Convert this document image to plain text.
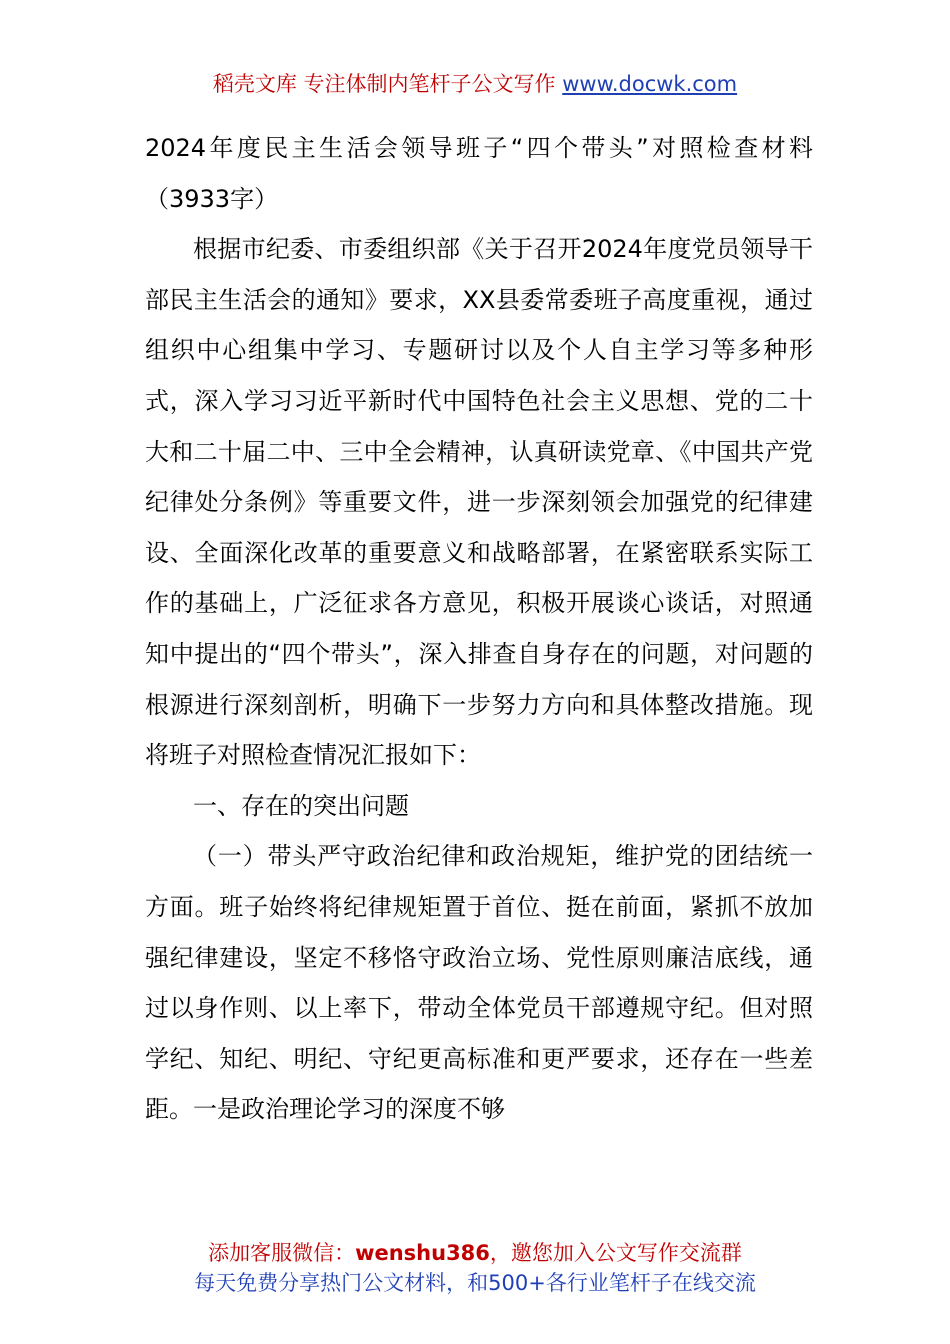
稻壳文库 专注体制内笔杆子公文写作 www.docwk.com

2024年度民主生活会领导班子“四个带头”对照检查材料（3933字）

根据市纪委、市委组织部《关于召开2024年度党员领导干部民主生活会的通知》要求，XX县委常委班子高度重视，通过组织中心组集中学习、专题研讨以及个人自主学习等多种形式，深入学习习近平新时代中国特色社会主义思想、党的二十大和二十届二中、三中全会精神，认真研读党章、《中国共产党纪律处分条例》等重要文件，进一步深刻领会加强党的纪律建设、全面深化改革的重要意义和战略部署，在紧密联系实际工作的基础上，广泛征求各方意见，积极开展谈心谈话，对照通知中提出的“四个带头”，深入排查自身存在的问题，对问题的根源进行深刻剖析，明确下一步努力方向和具体整改措施。现将班子对照检查情况汇报如下：

一、存在的突出问题

（一）带头严守政治纪律和政治规矩，维护党的团结统一方面。班子始终将纪律规矩置于首位、挺在前面，紧抓不放加强纪律建设，坚定不移恪守政治立场、党性原则廉洁底线，通过以身作则、以上率下，带动全体党员干部遵规守纪。但对照学纪、知纪、明纪、守纪更高标准和更严要求，还存在一些差距。一是政治理论学习的深度不够

添加客服微信：wenshu386，邀您加入公文写作交流群
每天免费分享热门公文材料，和500+各行业笔杆子在线交流
